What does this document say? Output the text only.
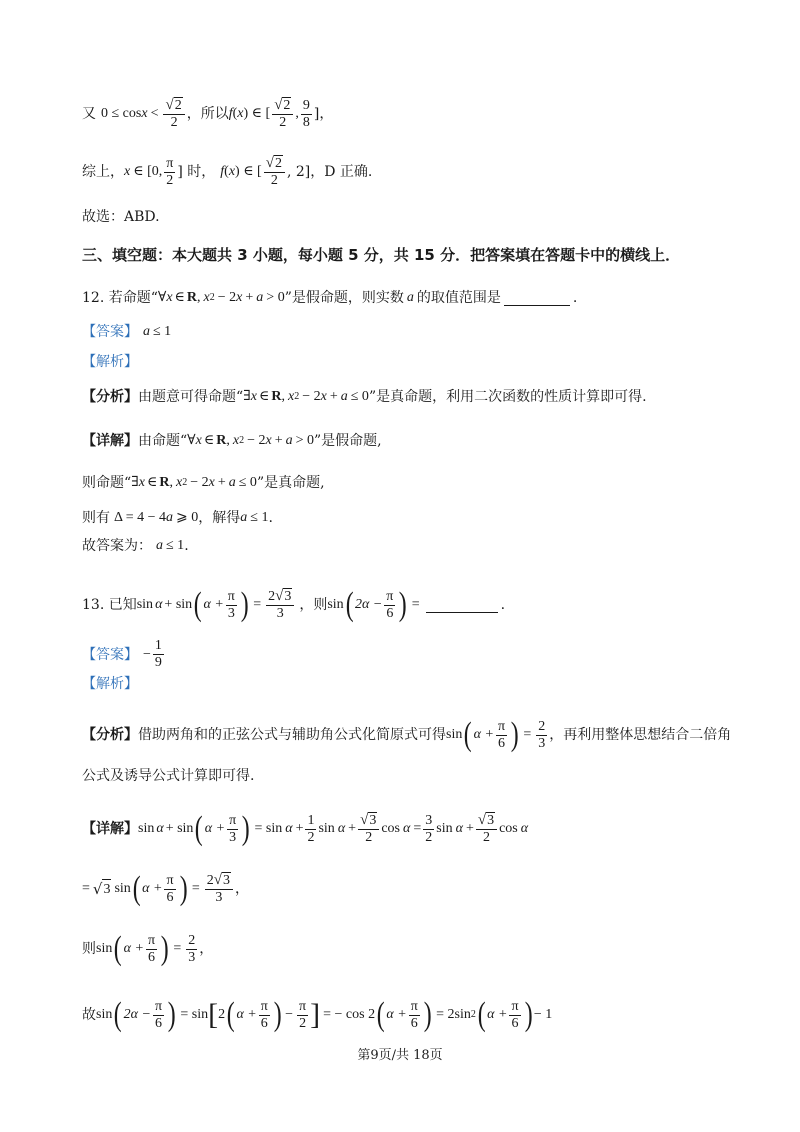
又 $0 \le \cos x < \frac{√ 2}{2}$ ，所以 f ( x ) ∈ [ $\frac{√ 2}{2}$ , $\frac{9}{8}$ ]，
综上， x ∈ [0, $\frac{\pi}{2}$ ] 时， f ( x ) ∈ [ $\frac{√ 2}{2}$ , 2]，D 正确.
故选：ABD.
三、填空题：本大题共 3 小题，每小题 5 分，共 15 分．把答案填在答题卡中的横线上．
12. 若命题“ ∀ x ∈ R , x 2 − 2 x + a > 0 ”是假命题，则实数 a 的取值范围是	.
【答案】 a ≤ 1
【解析】
【分析】 由题意可得命题“ ∃ x ∈ R , x 2 − 2 x + a ≤ 0 ”是真命题，利用二次函数的性质计算即可得.
【详解】 由命题“ ∀ x ∈ R , x 2 − 2 x + a > 0 ”是假命题,
则命题“ ∃ x ∈ R , x 2 − 2 x + a ≤ 0 ”是真命题,
则有 Δ = 4 − 4 a ⩾ 0 ，解得 a ≤ 1 .
故答案为： a ≤ 1 .
13. 已知 sin α + sin ( $\alpha + \frac{\pi}{3}$ ) = $\frac{2 √ 3}{3}$ ，则 sin ( $2\alpha - \frac{\pi}{6}$ ) =	.
【答案】 − $\frac{1}{9}$
【解析】
【分析】 借助两角和的正弦公式与辅助角公式化简原式可得 sin ( $\alpha + \frac{\pi}{6}$ ) = $\frac{2}{3}$ ，再利用整体思想结合二倍角
公式及诱导公式计算即可得.
【详解】 sin α + sin ( $\alpha + \frac{\pi}{3}$ ) = $\sin \alpha + \frac{1}{2}$ $\sin \alpha + \frac{√ 3}{2}$ $\cos \alpha = \frac{3}{2}$ $\sin \alpha + \frac{√ 3}{2}$ cos α
= √ 3 sin ( $\alpha + \frac{\pi}{6}$ ) = $\frac{2 √ 3}{3}$ ，
则 sin ( $\alpha + \frac{\pi}{6}$ ) = $\frac{2}{3}$ ，
故 sin ( $2\alpha - \frac{\pi}{6}$ ) = sin [ 2 ( $\alpha + \frac{\pi}{6}$ ) − $\frac{\pi}{2}$ ] = − cos 2 ( $\alpha + \frac{\pi}{6}$ ) = 2sin 2 ( $\alpha + \frac{\pi}{6}$ ) − 1
第9页/共 18页
